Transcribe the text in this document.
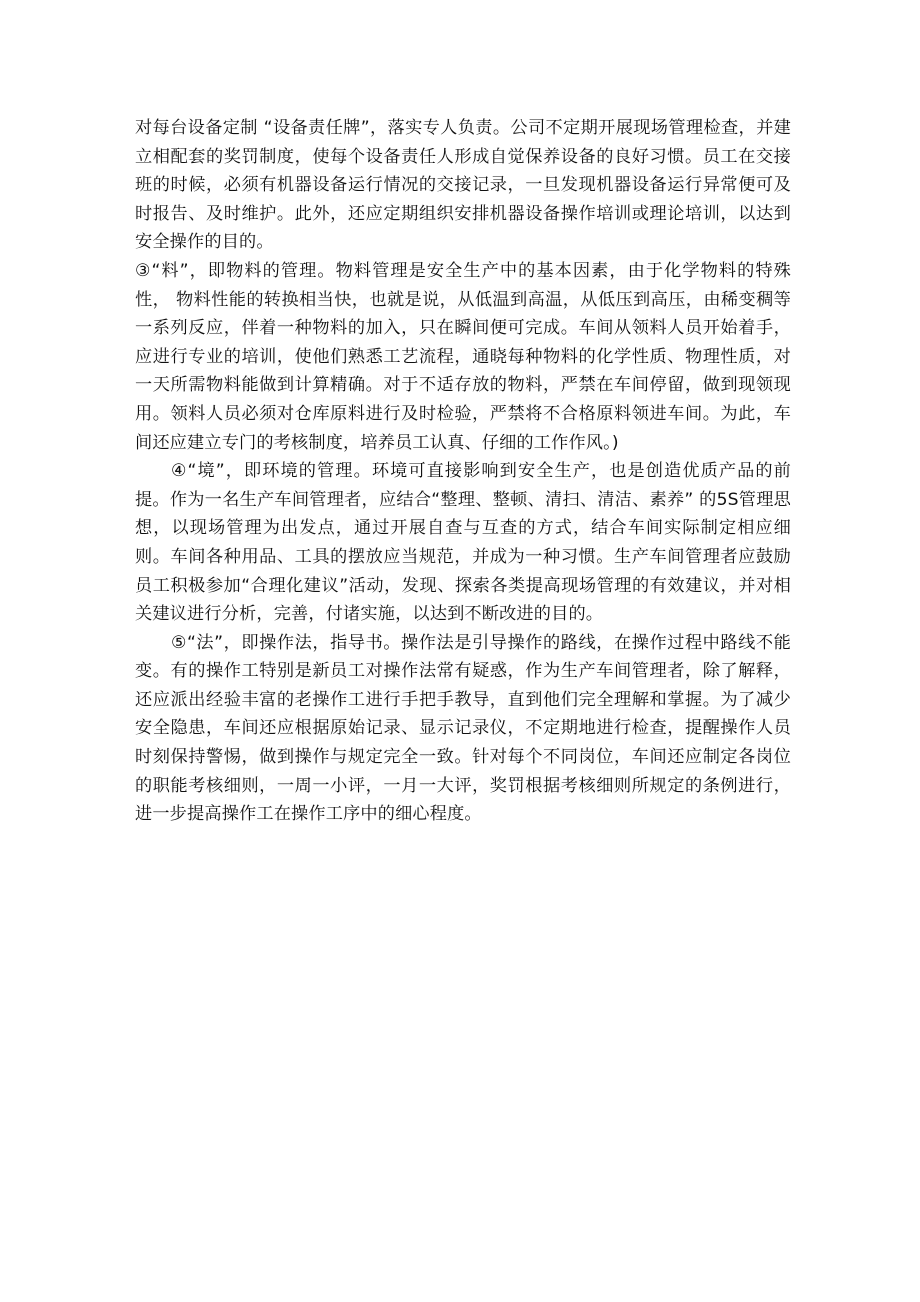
对每台设备定制 “设备责任牌”，落实专人负责。公司不定期开展现场管理检查，并建立相配套的奖罚制度，使每个设备责任人形成自觉保养设备的良好习惯。员工在交接班的时候，必须有机器设备运行情况的交接记录，一旦发现机器设备运行异常便可及时报告、及时维护。此外，还应定期组织安排机器设备操作培训或理论培训，以达到安全操作的目的。

③“料”，即物料的管理。物料管理是安全生产中的基本因素，由于化学物料的特殊性， 物料性能的转换相当快，也就是说，从低温到高温，从低压到高压，由稀变稠等一系列反应，伴着一种物料的加入，只在瞬间便可完成。车间从领料人员开始着手，应进行专业的培训，使他们熟悉工艺流程，通晓每种物料的化学性质、物理性质，对一天所需物料能做到计算精确。对于不适存放的物料，严禁在车间停留，做到现领现用。领料人员必须对仓库原料进行及时检验，严禁将不合格原料领进车间。为此，车间还应建立专门的考核制度，培养员工认真、仔细的工作作风。)

④“境”，即环境的管理。环境可直接影响到安全生产，也是创造优质产品的前提。作为一名生产车间管理者，应结合“整理、整顿、清扫、清洁、素养” 的5S管理思想，以现场管理为出发点，通过开展自查与互查的方式，结合车间实际制定相应细则。车间各种用品、工具的摆放应当规范，并成为一种习惯。生产车间管理者应鼓励员工积极参加“合理化建议”活动，发现、探索各类提高现场管理的有效建议，并对相关建议进行分析，完善，付诸实施，以达到不断改进的目的。

⑤“法”，即操作法，指导书。操作法是引导操作的路线，在操作过程中路线不能变。有的操作工特别是新员工对操作法常有疑惑，作为生产车间管理者，除了解释，还应派出经验丰富的老操作工进行手把手教导，直到他们完全理解和掌握。为了减少安全隐患，车间还应根据原始记录、显示记录仪，不定期地进行检查，提醒操作人员时刻保持警惕，做到操作与规定完全一致。针对每个不同岗位，车间还应制定各岗位的职能考核细则，一周一小评，一月一大评，奖罚根据考核细则所规定的条例进行，进一步提高操作工在操作工序中的细心程度。
